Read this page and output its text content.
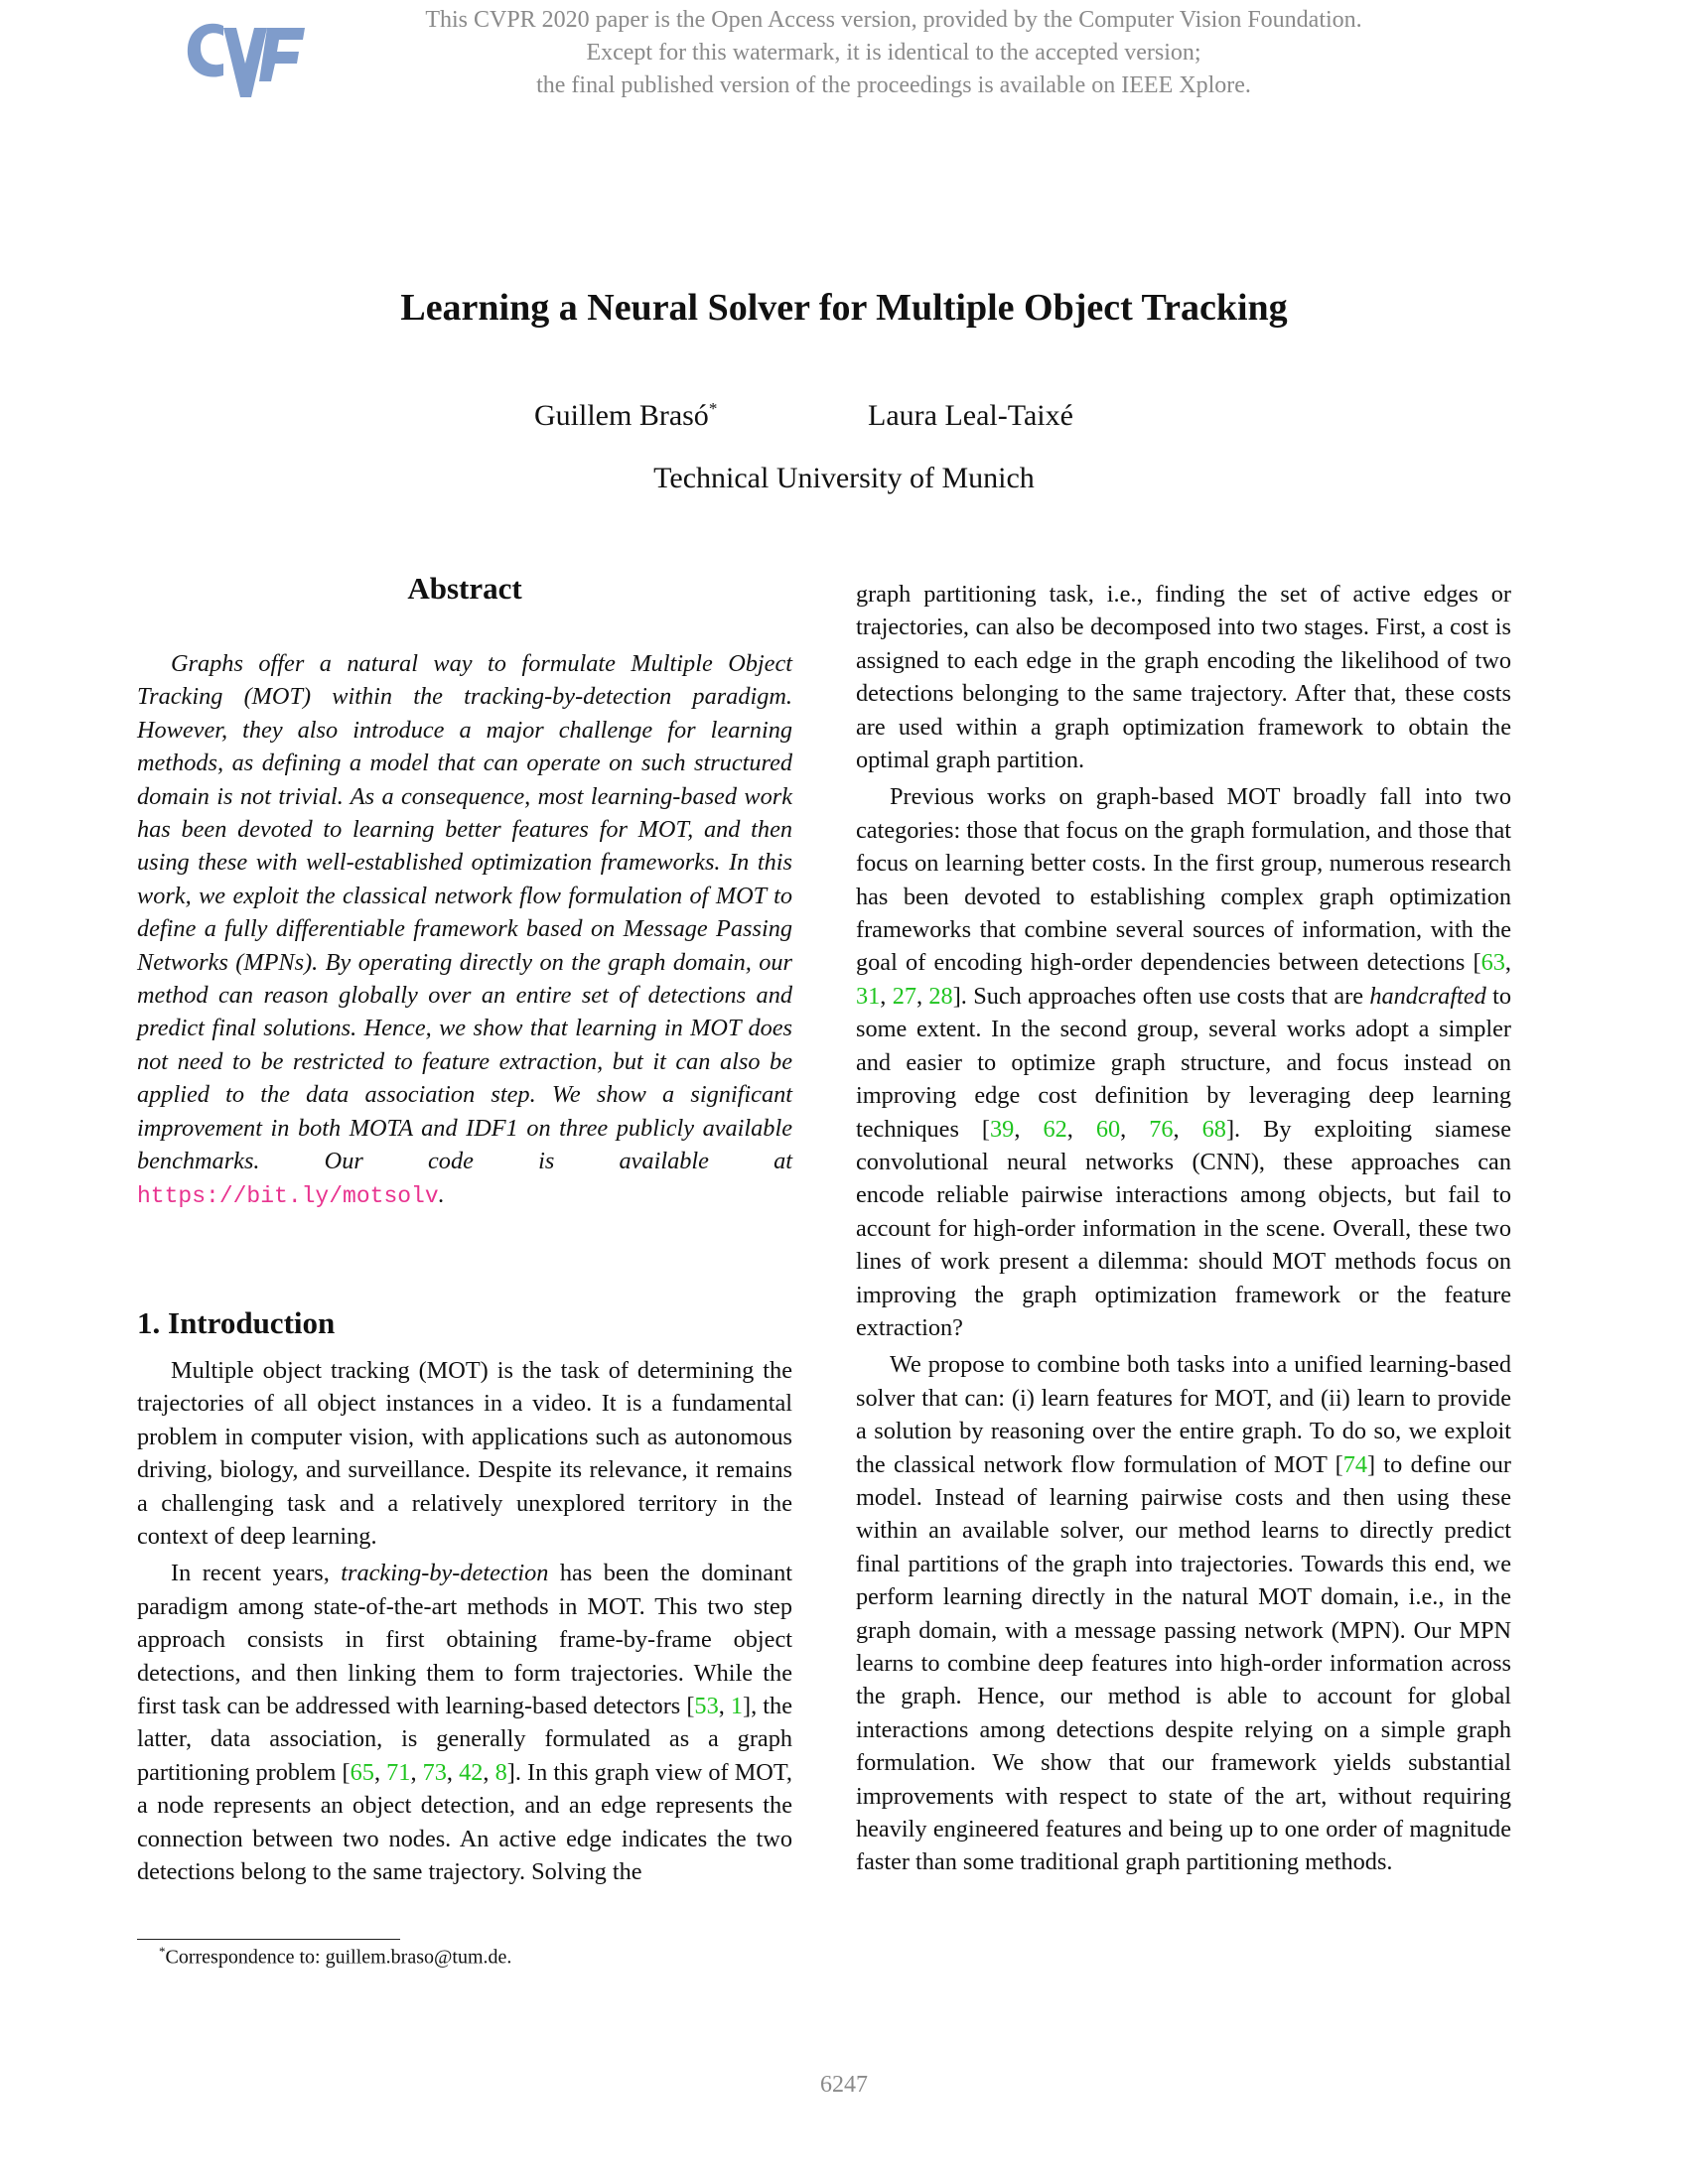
CVF	This CVPR 2020 paper is the Open Access version, provided by the Computer Vision Foundation.
Except for this watermark, it is identical to the accepted version;
the final published version of the proceedings is available on IEEE Xplore.
Learning a Neural Solver for Multiple Object Tracking
Guillem Brasó*	Laura Leal-Taixé
Technical University of Munich
Abstract

Graphs offer a natural way to formulate Multiple Object Tracking (MOT) within the tracking-by-detection paradigm. However, they also introduce a major challenge for learning methods, as defining a model that can operate on such structured domain is not trivial. As a consequence, most learning-based work has been devoted to learning better features for MOT, and then using these with well-established optimization frameworks. In this work, we exploit the classical network flow formulation of MOT to define a fully differentiable framework based on Message Passing Networks (MPNs). By operating directly on the graph domain, our method can reason globally over an entire set of detections and predict final solutions. Hence, we show that learning in MOT does not need to be restricted to feature extraction, but it can also be applied to the data association step. We show a significant improvement in both MOTA and IDF1 on three publicly available benchmarks. Our code is available at https://bit.ly/motsolv.

1. Introduction

Multiple object tracking (MOT) is the task of determining the trajectories of all object instances in a video. It is a fundamental problem in computer vision, with applications such as autonomous driving, biology, and surveillance. Despite its relevance, it remains a challenging task and a relatively unexplored territory in the context of deep learning.

In recent years, tracking-by-detection has been the dominant paradigm among state-of-the-art methods in MOT. This two step approach consists in first obtaining frame-by-frame object detections, and then linking them to form trajectories. While the first task can be addressed with learning-based detectors [53, 1], the latter, data association, is generally formulated as a graph partitioning problem [65, 71, 73, 42, 8]. In this graph view of MOT, a node represents an object detection, and an edge represents the connection between two nodes. An active edge indicates the two detections belong to the same trajectory. Solving the

*Correspondence to: guillem.braso@tum.de.

graph partitioning task, i.e., finding the set of active edges or trajectories, can also be decomposed into two stages. First, a cost is assigned to each edge in the graph encoding the likelihood of two detections belonging to the same trajectory. After that, these costs are used within a graph optimization framework to obtain the optimal graph partition.

Previous works on graph-based MOT broadly fall into two categories: those that focus on the graph formulation, and those that focus on learning better costs. In the first group, numerous research has been devoted to establishing complex graph optimization frameworks that combine several sources of information, with the goal of encoding high-order dependencies between detections [63, 31, 27, 28]. Such approaches often use costs that are handcrafted to some extent. In the second group, several works adopt a simpler and easier to optimize graph structure, and focus instead on improving edge cost definition by leveraging deep learning techniques [39, 62, 60, 76, 68]. By exploiting siamese convolutional neural networks (CNN), these approaches can encode reliable pairwise interactions among objects, but fail to account for high-order information in the scene. Overall, these two lines of work present a dilemma: should MOT methods focus on improving the graph optimization framework or the feature extraction?

We propose to combine both tasks into a unified learning-based solver that can: (i) learn features for MOT, and (ii) learn to provide a solution by reasoning over the entire graph. To do so, we exploit the classical network flow formulation of MOT [74] to define our model. Instead of learning pairwise costs and then using these within an available solver, our method learns to directly predict final partitions of the graph into trajectories. Towards this end, we perform learning directly in the natural MOT domain, i.e., in the graph domain, with a message passing network (MPN). Our MPN learns to combine deep features into high-order information across the graph. Hence, our method is able to account for global interactions among detections despite relying on a simple graph formulation. We show that our framework yields substantial improvements with respect to state of the art, without requiring heavily engineered features and being up to one order of magnitude faster than some traditional graph partitioning methods.

6247
